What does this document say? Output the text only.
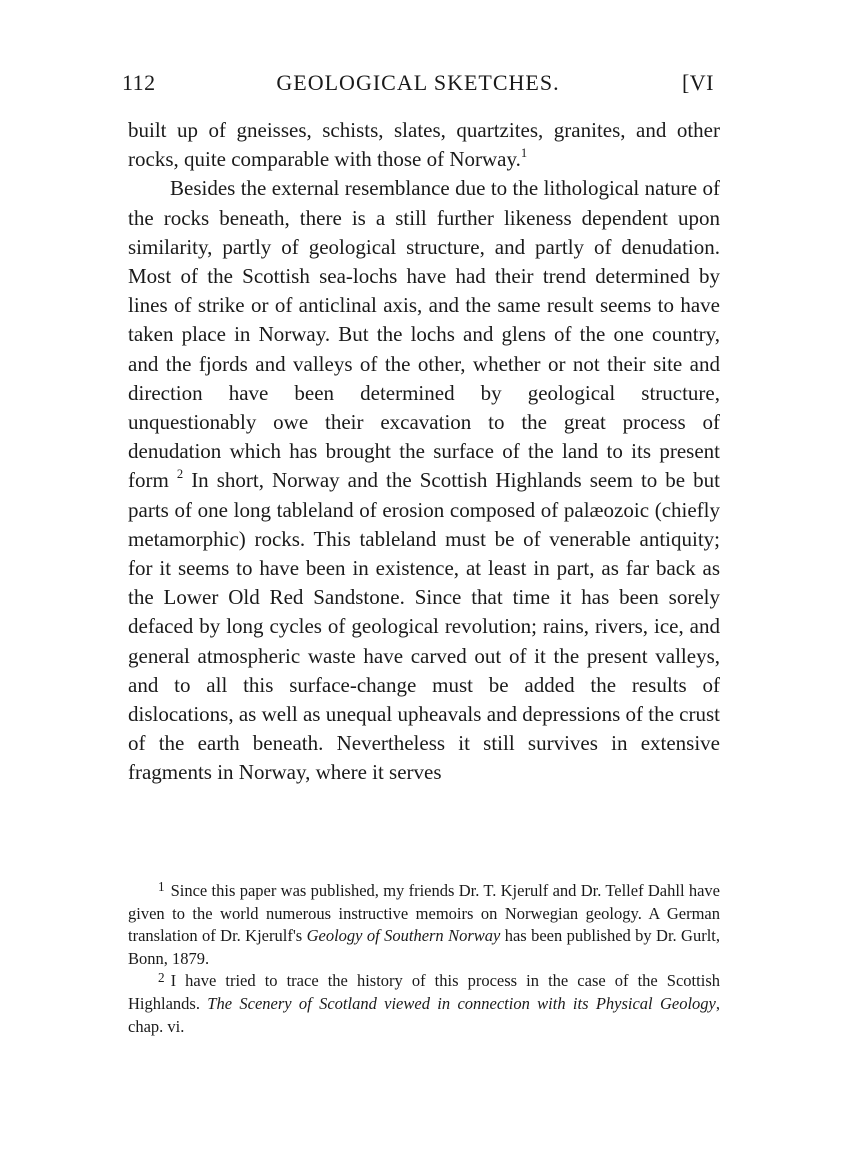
112	GEOLOGICAL SKETCHES.	[VI

built up of gneisses, schists, slates, quartzites, granites, and other rocks, quite comparable with those of Norway.$^1$

Besides the external resemblance due to the lithological nature of the rocks beneath, there is a still further likeness dependent upon similarity, partly of geological structure, and partly of denudation. Most of the Scottish sea-lochs have had their trend determined by lines of strike or of anticlinal axis, and the same result seems to have taken place in Norway. But the lochs and glens of the one country, and the fjords and valleys of the other, whether or not their site and direction have been determined by geological structure, unquestionably owe their excavation to the great process of denudation which has brought the surface of the land to its present form $^2$ In short, Norway and the Scottish Highlands seem to be but parts of one long tableland of erosion composed of palæozoic (chiefly metamorphic) rocks. This tableland must be of venerable antiquity; for it seems to have been in existence, at least in part, as far back as the Lower Old Red Sandstone. Since that time it has been sorely defaced by long cycles of geological revolution; rains, rivers, ice, and general atmospheric waste have carved out of it the present valleys, and to all this surface-change must be added the results of dislocations, as well as unequal upheavals and depressions of the crust of the earth beneath. Nevertheless it still survives in extensive fragments in Norway, where it serves

$^1$ Since this paper was published, my friends Dr. T. Kjerulf and Dr. Tellef Dahll have given to the world numerous instructive memoirs on Norwegian geology. A German translation of Dr. Kjerulf's Geology of Southern Norway has been published by Dr. Gurlt, Bonn, 1879.

$^2$ I have tried to trace the history of this process in the case of the Scottish Highlands. The Scenery of Scotland viewed in connection with its Physical Geology, chap. vi.
